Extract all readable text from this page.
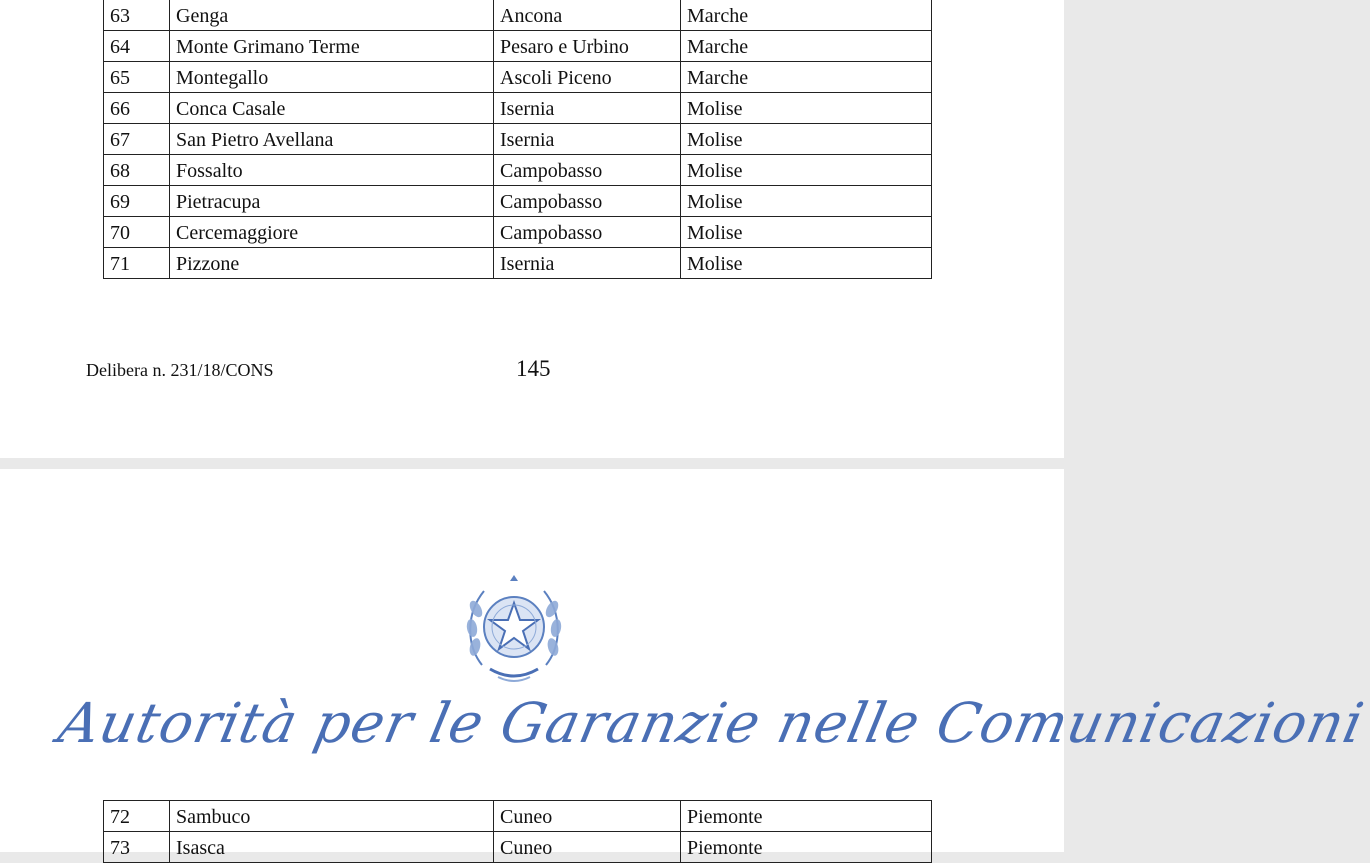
63	Genga	Ancona	Marche
64	Monte Grimano Terme	Pesaro e Urbino	Marche
65	Montegallo	Ascoli Piceno	Marche
66	Conca Casale	Isernia	Molise
67	San Pietro Avellana	Isernia	Molise
68	Fossalto	Campobasso	Molise
69	Pietracupa	Campobasso	Molise
70	Cercemaggiore	Campobasso	Molise
71	Pizzone	Isernia	Molise
Delibera n. 231/18/CONS	145
Autorità per le Garanzie nelle Comunicazioni
72	Sambuco	Cuneo	Piemonte
73	Isasca	Cuneo	Piemonte
